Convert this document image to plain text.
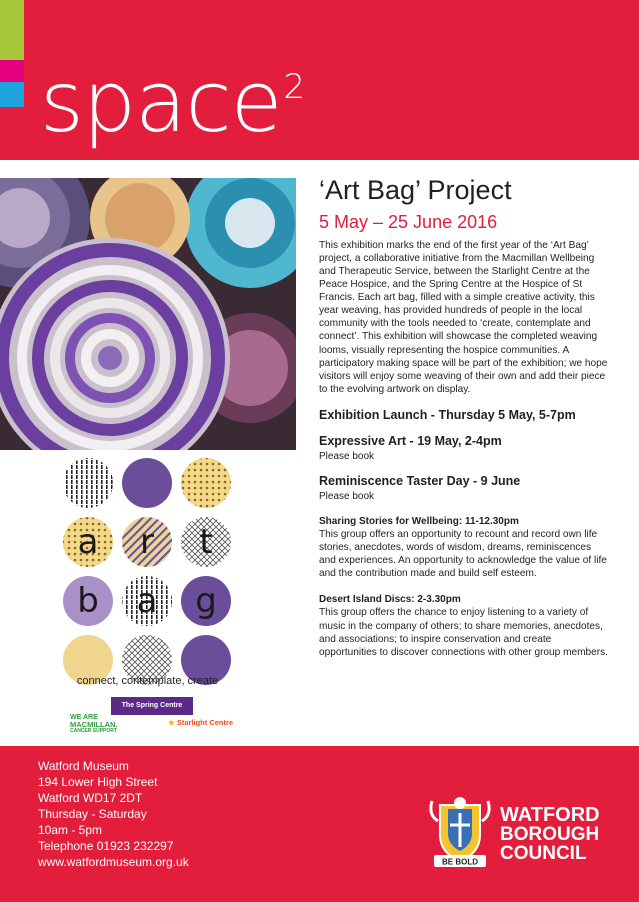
space$^2$
‘Art Bag’ Project
5 May – 25 June 2016

This exhibition marks the end of the first year of the ‘Art Bag’ project, a collaborative initiative from the Macmillan Wellbeing and Therapeutic Service, between the Starlight Centre at the Peace Hospice, and the Spring Centre at the Hospice of St Francis. Each art bag, filled with a simple creative activity, this year weaving, has provided hundreds of people in the local community with the tools needed to ‘create, contemplate and connect’. This exhibition will showcase the completed weaving looms, visually representing the hospice communities. A participatory making space will be part of the exhibition; we hope visitors will enjoy some weaving of their own and add their piece to the evolving artwork on display.

Exhibition Launch - Thursday 5 May, 5-7pm
Expressive Art - 19 May, 2-4pm
Please book
Reminiscence Taster Day - 9 June
Please book
Sharing Stories for Wellbeing: 11-12.30pm

This group offers an opportunity to recount and record own life stories, anecdotes, words of wisdom, dreams, reminiscences and experiences. An opportunity to acknowledge the value of life and the contribution made and build self esteem.

Desert Island Discs: 2-3.30pm

This group offers the chance to enjoy listening to a variety of music in the company of others; to share memories, anecdotes, and associations; to inspire conservation and create opportunities to discover connections with other group members.

a r t
b a g
connect, contemplate, create
The Spring Centre
WE ARE
MACMILLAN.
CANCER SUPPORT
★ Starlight Centre
Watford Museum
194 Lower High Street
Watford WD17 2DT
Thursday - Saturday
10am - 5pm
Telephone 01923 232297
www.watfordmuseum.org.uk	BE BOLD
WATFORD
BOROUGH
COUNCIL
